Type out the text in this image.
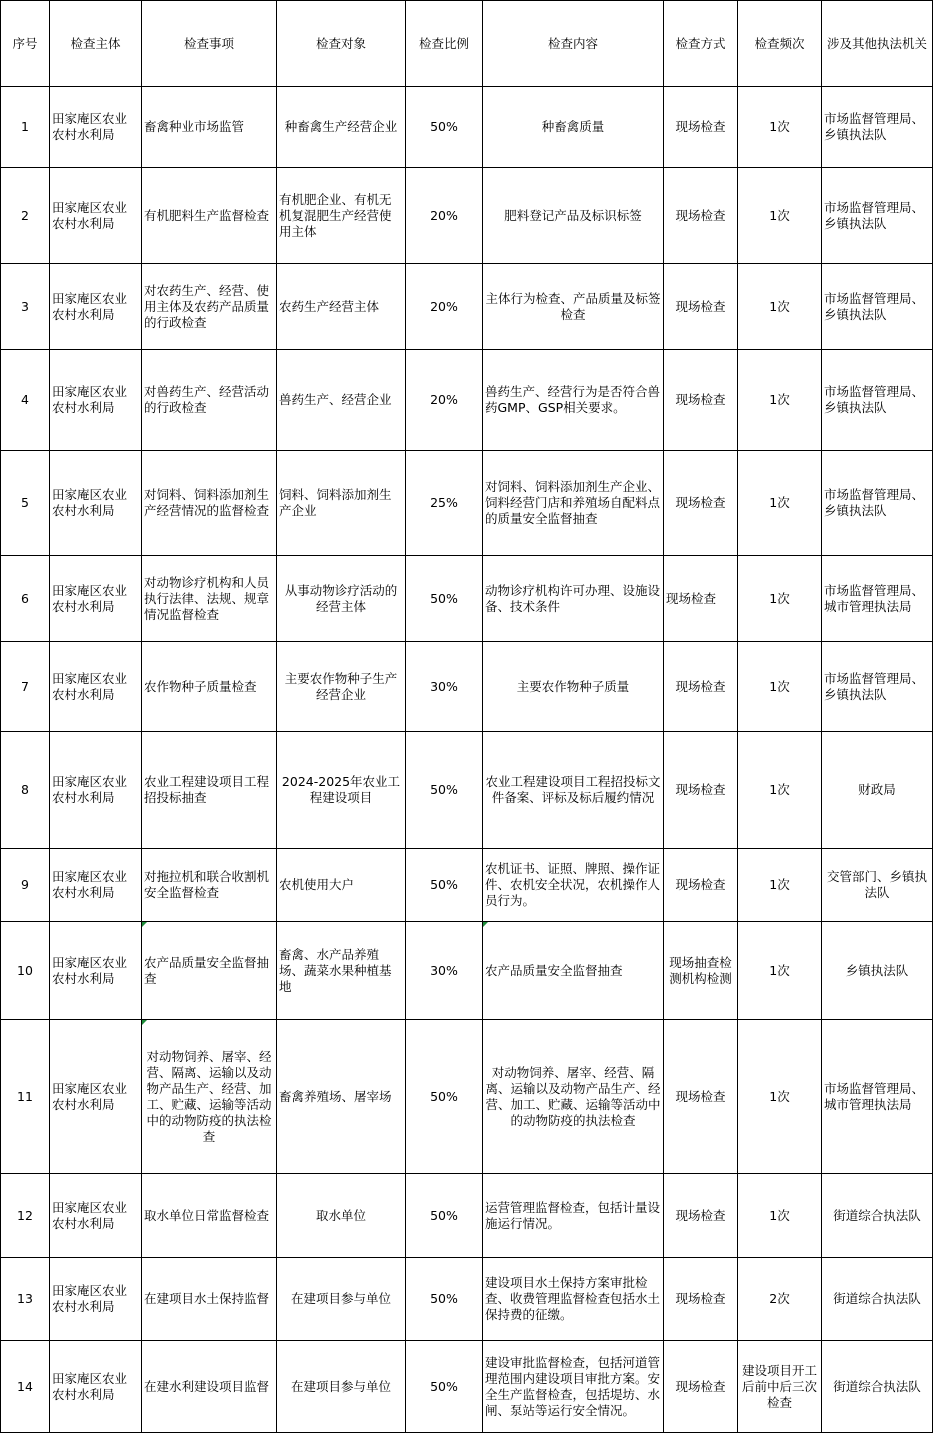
序号	检查主体	检查事项	检查对象	检查比例	检查内容	检查方式	检查频次	涉及其他执法机关
1	田家庵区农业农村水利局	畜禽种业市场监管	种畜禽生产经营企业	50%	种畜禽质量	现场检查	1次	市场监督管理局、乡镇执法队
2	田家庵区农业农村水利局	有机肥料生产监督检查	有机肥企业、有机无机复混肥生产经营使用主体	20%	肥料登记产品及标识标签	现场检查	1次	市场监督管理局、乡镇执法队
3	田家庵区农业农村水利局	对农药生产、经营、使用主体及农药产品质量的行政检查	农药生产经营主体	20%	主体行为检查、产品质量及标签检查	现场检查	1次	市场监督管理局、乡镇执法队
4	田家庵区农业农村水利局	对兽药生产、经营活动的行政检查	兽药生产、经营企业	20%	兽药生产、经营行为是否符合兽药GMP、GSP相关要求。	现场检查	1次	市场监督管理局、乡镇执法队
5	田家庵区农业农村水利局	对饲料、饲料添加剂生产经营情况的监督检查	饲料、饲料添加剂生产企业	25%	对饲料、饲料添加剂生产企业、饲料经营门店和养殖场自配料点的质量安全监督抽查	现场检查	1次	市场监督管理局、乡镇执法队
6	田家庵区农业农村水利局	对动物诊疗机构和人员执行法律、法规、规章情况监督检查	从事动物诊疗活动的经营主体	50%	动物诊疗机构许可办理、设施设备、技术条件	现场检查	1次	市场监督管理局、城市管理执法局
7	田家庵区农业农村水利局	农作物种子质量检查	主要农作物种子生产经营企业	30%	主要农作物种子质量	现场检查	1次	市场监督管理局、乡镇执法队
8	田家庵区农业农村水利局	农业工程建设项目工程招投标抽查	2024-2025年农业工程建设项目	50%	农业工程建设项目工程招投标文件备案、评标及标后履约情况	现场检查	1次	财政局
9	田家庵区农业农村水利局	对拖拉机和联合收割机安全监督检查	农机使用大户	50%	农机证书、证照、牌照、操作证件、农机安全状况，农机操作人员行为。	现场检查	1次	交管部门、乡镇执法队
10	田家庵区农业农村水利局	农产品质量安全监督抽查	畜禽、水产品养殖场、蔬菜水果种植基地	30%	农产品质量安全监督抽查	现场抽查检测机构检测	1次	乡镇执法队
11	田家庵区农业农村水利局	对动物饲养、屠宰、经营、隔离、运输以及动物产品生产、经营、加工、贮藏、运输等活动中的动物防疫的执法检查	畜禽养殖场、屠宰场	50%	对动物饲养、屠宰、经营、隔离、运输以及动物产品生产、经营、加工、贮藏、运输等活动中的动物防疫的执法检查	现场检查	1次	市场监督管理局、城市管理执法局
12	田家庵区农业农村水利局	取水单位日常监督检查	取水单位	50%	运营管理监督检查，包括计量设施运行情况。	现场检查	1次	街道综合执法队
13	田家庵区农业农村水利局	在建项目水土保持监督	在建项目参与单位	50%	建设项目水土保持方案审批检查、收费管理监督检查包括水土保持费的征缴。	现场检查	2次	街道综合执法队
14	田家庵区农业农村水利局	在建水利建设项目监督	在建项目参与单位	50%	建设审批监督检查，包括河道管理范围内建设项目审批方案。安全生产监督检查，包括堤坊、水闸、泵站等运行安全情况。	现场检查	建设项目开工后前中后三次检查	街道综合执法队
